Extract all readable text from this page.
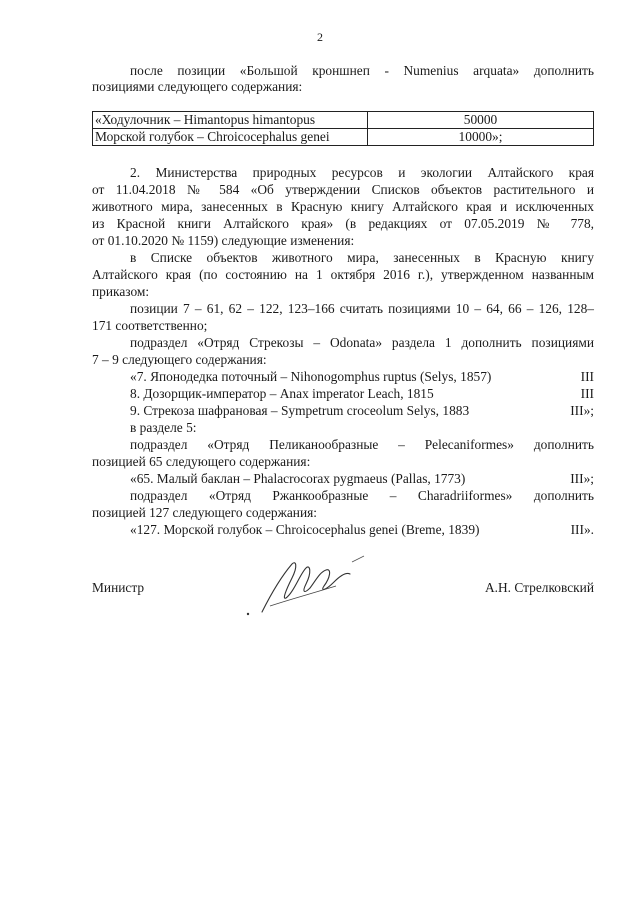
2
после позиции «Большой кроншнеп - Numenius arquata» дополнить
позициями следующего содержания:
«Ходулочник – Himantopus himantopus	50000
Морской голубок – Chroicocephalus genei	10000»;
2. Министерства природных ресурсов и экологии Алтайского края
от 11.04.2018 № 584 «Об утверждении Списков объектов растительного и
животного мира, занесенных в Красную книгу Алтайского края и исключенных
из Красной книги Алтайского края» (в редакциях от 07.05.2019 № 778,
от 01.10.2020 № 1159) следующие изменения:
в Списке объектов животного мира, занесенных в Красную книгу
Алтайского края (по состоянию на 1 октября 2016 г.), утвержденном названным
приказом:
позиции 7 – 61, 62 – 122, 123–166 считать позициями 10 – 64, 66 – 126, 128–
171 соответственно;
подраздел «Отряд Стрекозы – Odonata» раздела 1 дополнить позициями
7 – 9 следующего содержания:
«7. Японодедка поточный – Nihonogomphus ruptus (Selys, 1857)	III
8. Дозорщик-император – Anax imperator Leach, 1815	III
9. Стрекоза шафрановая – Sympetrum croceolum Selys, 1883	III»;
в разделе 5:
подраздел «Отряд Пеликанообразные – Pelecaniformes» дополнить
позицией 65 следующего содержания:
«65. Малый баклан – Phalacrocorax pygmaeus (Pallas, 1773)	III»;
подраздел «Отряд Ржанкообразные – Charadriiformes» дополнить
позицией 127 следующего содержания:
«127. Морской голубок – Chroicocephalus genei (Breme, 1839)	III».
Министр	А.Н. Стрелковский
